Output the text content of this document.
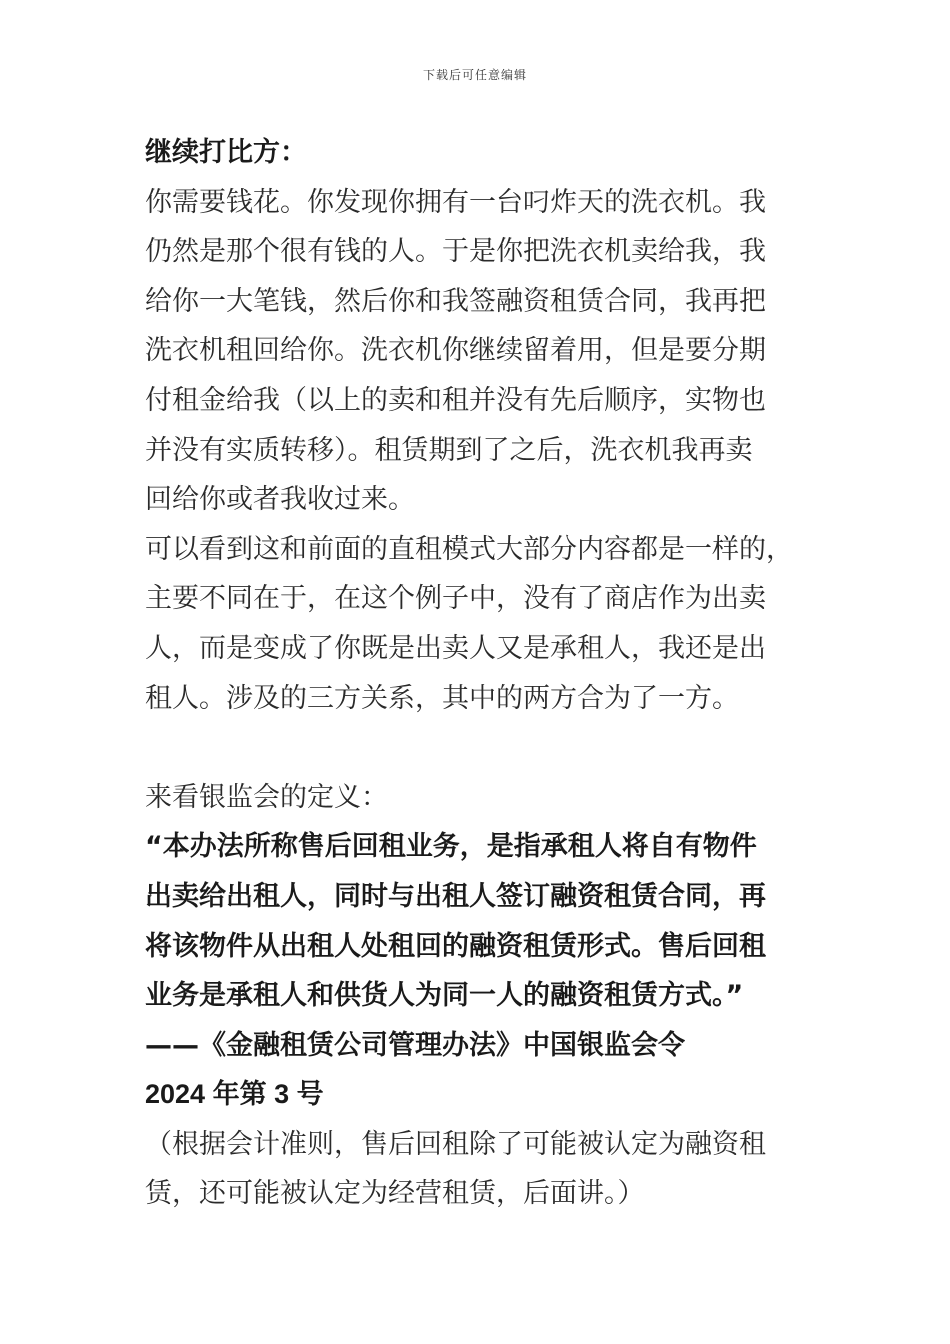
下载后可任意编辑
继续打比方：
你需要钱花。你发现你拥有一台叼炸天的洗衣机。我
仍然是那个很有钱的人。于是你把洗衣机卖给我，我
给你一大笔钱，然后你和我签融资租赁合同，我再把
洗衣机租回给你。洗衣机你继续留着用，但是要分期
付租金给我（以上的卖和租并没有先后顺序，实物也
并没有实质转移）。租赁期到了之后，洗衣机我再卖
回给你或者我收过来。
可以看到这和前面的直租模式大部分内容都是一样的，
主要不同在于，在这个例子中，没有了商店作为出卖
人，而是变成了你既是出卖人又是承租人，我还是出
租人。涉及的三方关系，其中的两方合为了一方。
来看银监会的定义：
“本办法所称售后回租业务，是指承租人将自有物件
出卖给出租人，同时与出租人签订融资租赁合同，再
将该物件从出租人处租回的融资租赁形式。售后回租
业务是承租人和供货人为同一人的融资租赁方式。”
——《金融租赁公司管理办法》中国银监会令
2024 年第 3 号
（根据会计准则，售后回租除了可能被认定为融资租
赁，还可能被认定为经营租赁，后面讲。）
